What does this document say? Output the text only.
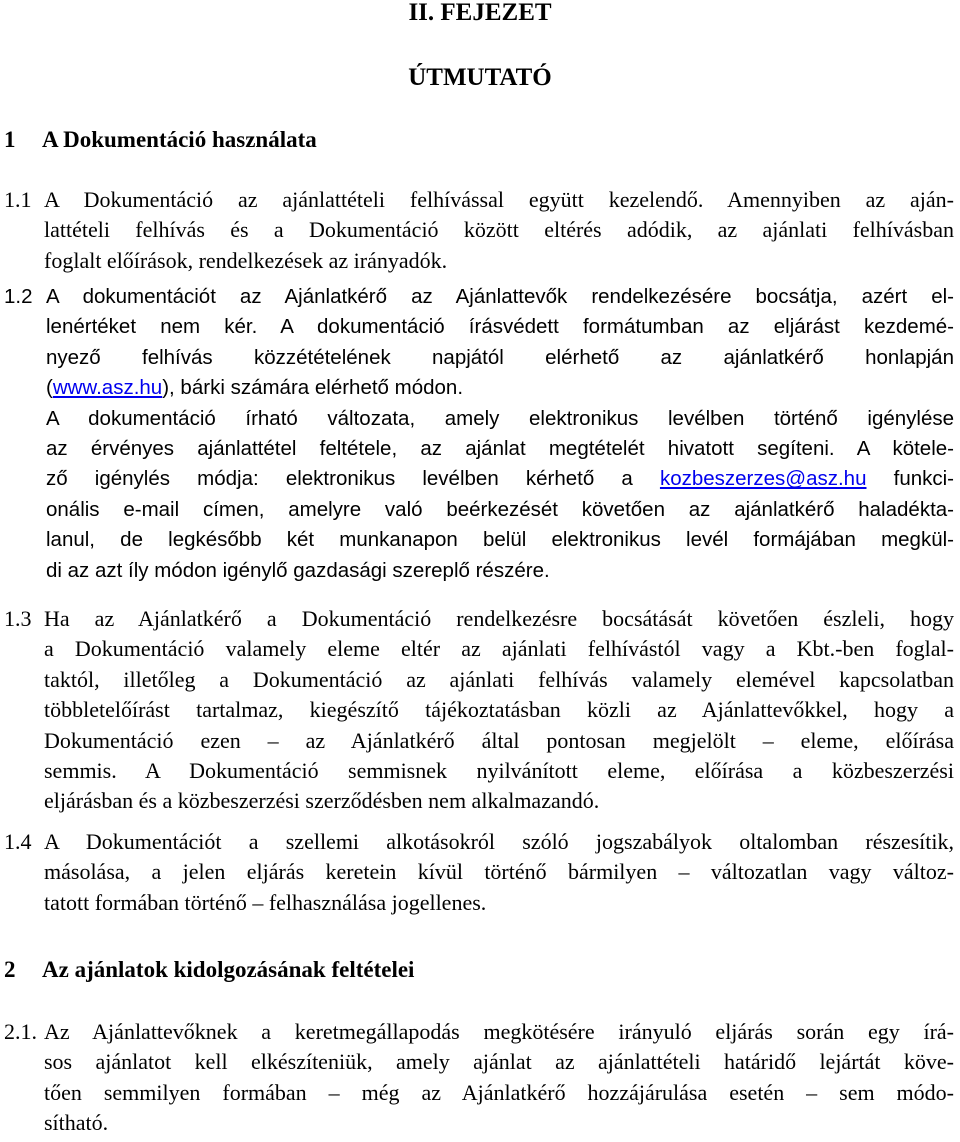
II. FEJEZET
ÚTMUTATÓ
1 A Dokumentáció használata
1.1 A Dokumentáció az ajánlattételi felhívással együtt kezelendő. Amennyiben az aján-
lattételi felhívás és a Dokumentáció között eltérés adódik, az ajánlati felhívásban
foglalt előírások, rendelkezések az irányadók.
1.2 A dokumentációt az Ajánlatkérő az Ajánlattevők rendelkezésére bocsátja, azért el-
lenértéket nem kér. A dokumentáció írásvédett formátumban az eljárást kezdemé-
nyező felhívás közzétételének napjától elérhető az ajánlatkérő honlapján
(www.asz.hu), bárki számára elérhető módon.
A dokumentáció írható változata, amely elektronikus levélben történő igénylése
az érvényes ajánlattétel feltétele, az ajánlat megtételét hivatott segíteni. A kötele-
ző igénylés módja: elektronikus levélben kérhető a kozbeszerzes@asz.hu funkci-
onális e-mail címen, amelyre való beérkezését követően az ajánlatkérő haladékta-
lanul, de legkésőbb két munkanapon belül elektronikus levél formájában megkül-
di az azt íly módon igénylő gazdasági szereplő részére.
1.3 Ha az Ajánlatkérő a Dokumentáció rendelkezésre bocsátását követően észleli, hogy
a Dokumentáció valamely eleme eltér az ajánlati felhívástól vagy a Kbt.-ben foglal-
taktól, illetőleg a Dokumentáció az ajánlati felhívás valamely elemével kapcsolatban
többletelőírást tartalmaz, kiegészítő tájékoztatásban közli az Ajánlattevőkkel, hogy a
Dokumentáció ezen – az Ajánlatkérő által pontosan megjelölt – eleme, előírása
semmis. A Dokumentáció semmisnek nyilvánított eleme, előírása a közbeszerzési
eljárásban és a közbeszerzési szerződésben nem alkalmazandó.
1.4 A Dokumentációt a szellemi alkotásokról szóló jogszabályok oltalomban részesítik,
másolása, a jelen eljárás keretein kívül történő bármilyen – változatlan vagy változ-
tatott formában történő – felhasználása jogellenes.
2 Az ajánlatok kidolgozásának feltételei
2.1. Az Ajánlattevőknek a keretmegállapodás megkötésére irányuló eljárás során egy írá-
sos ajánlatot kell elkészíteniük, amely ajánlat az ajánlattételi határidő lejártát köve-
tően semmilyen formában – még az Ajánlatkérő hozzájárulása esetén – sem módo-
sítható.
